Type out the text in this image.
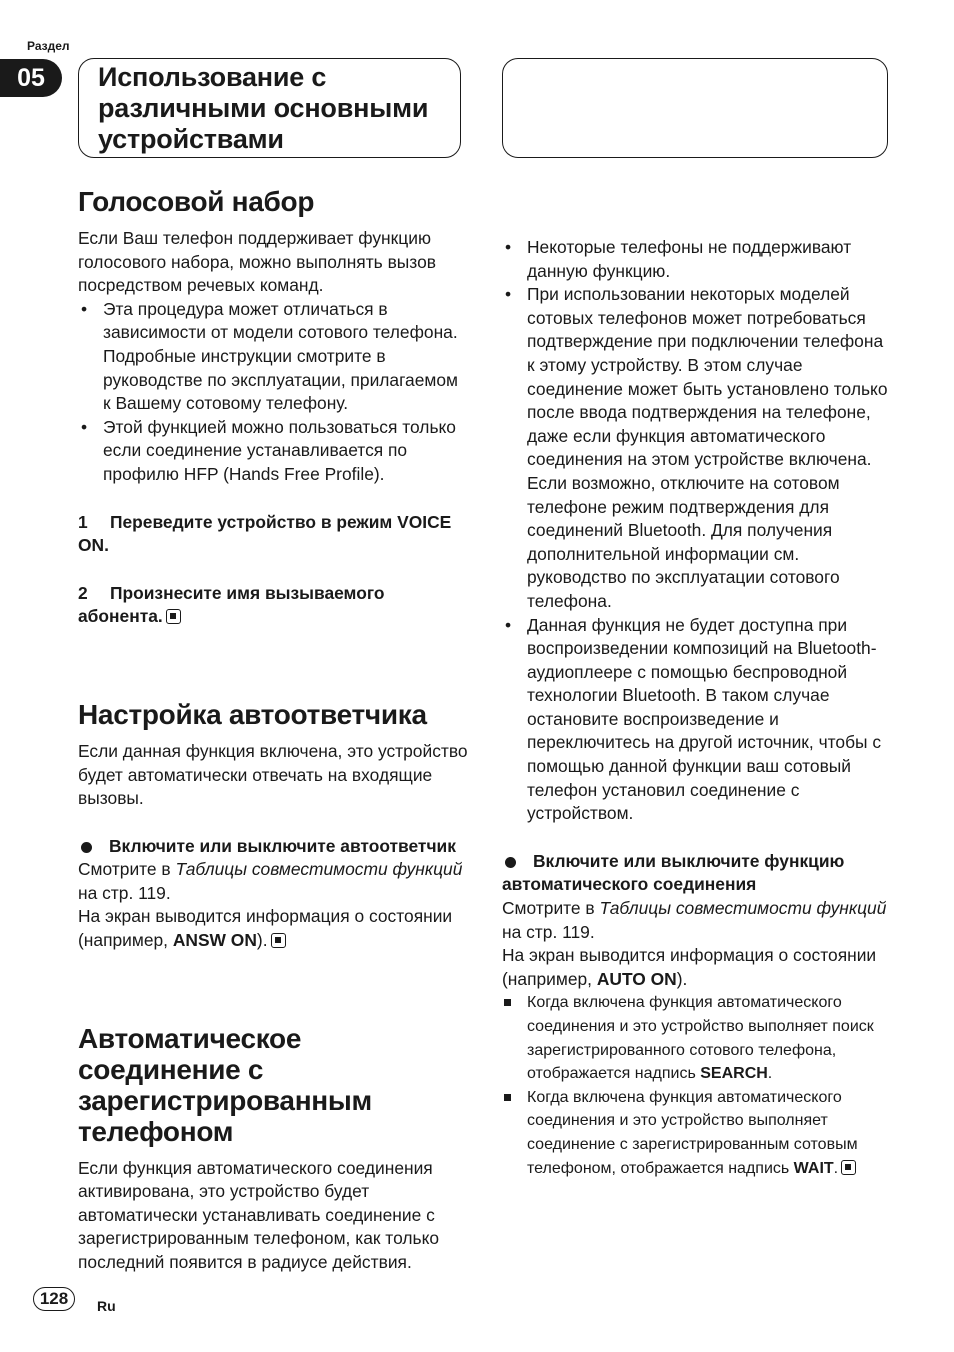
Раздел
05	Использование с различными основными устройствами
Голосовой набор

Если Ваш телефон поддерживает функцию голосового набора, можно выполнять вызов посредством речевых команд.

• Эта процедура может отличаться в зависимости от модели сотового телефона. Подробные инструкции смотрите в руководстве по эксплуатации, прилагаемом к Вашему сотовому телефону.
• Этой функцией можно пользоваться только если соединение устанавливается по профилю HFP (Hands Free Profile).

1 Переведите устройство в режим VOICE ON.

2 Произнесите имя вызываемого абонента.

Настройка автоответчика

Если данная функция включена, это устройство будет автоматически отвечать на входящие вызовы.

Включите или выключите автоответчик

Смотрите в Таблицы совместимости функций на стр. 119.

На экран выводится информация о состоянии (например, ANSW ON).

Автоматическое соединение с зарегистрированным телефоном

Если функция автоматического соединения активирована, это устройство будет автоматически устанавливать соединение с зарегистрированным телефоном, как только последний появится в радиусе действия.

• Некоторые телефоны не поддерживают данную функцию.
• При использовании некоторых моделей сотовых телефонов может потребоваться подтверждение при подключении телефона к этому устройству. В этом случае соединение может быть установлено только после ввода подтверждения на телефоне, даже если функция автоматического соединения на этом устройстве включена. Если возможно, отключите на сотовом телефоне режим подтверждения для соединений Bluetooth. Для получения дополнительной информации см. руководство по эксплуатации сотового телефона.
• Данная функция не будет доступна при воспроизведении композиций на Bluetooth-аудиоплеере с помощью беспроводной технологии Bluetooth. В таком случае остановите воспроизведение и переключитесь на другой источник, чтобы с помощью данной функции ваш сотовый телефон установил соединение с устройством.

Включите или выключите функцию автоматического соединения

Смотрите в Таблицы совместимости функций на стр. 119.

На экран выводится информация о состоянии (например, AUTO ON).

Когда включена функция автоматического соединения и это устройство выполняет поиск зарегистрированного сотового телефона, отображается надпись SEARCH.
Когда включена функция автоматического соединения и это устройство выполняет соединение с зарегистрированным сотовым телефоном, отображается надпись WAIT.
128	Ru
